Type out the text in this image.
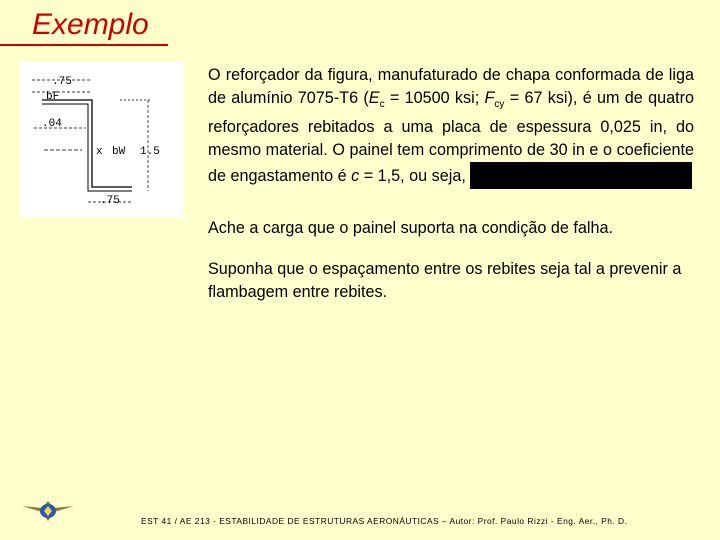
Exemplo
.75
bF
.04
x bW 1.5
.75
O reforçador da figura, manufaturado de chapa conformada de liga de alumínio 7075-T6 ($E_c = 10500$ ksi; $F_{cy} = 67$ ksi), é um de quatro reforçadores rebitados a uma placa de espessura 0,025 in, do mesmo material. O painel tem comprimento de 30 in e o coeficiente de engastamento é c = 1,5, ou seja,
Ache a carga que o painel suporta na condição de falha.
Suponha que o espaçamento entre os rebites seja tal a prevenir a flambagem entre rebites.
EST 41 / AE 213 - ESTABILIDADE DE ESTRUTURAS AERONÁUTICAS – Autor: Prof. Paulo Rizzi - Eng. Aer., Ph. D.
